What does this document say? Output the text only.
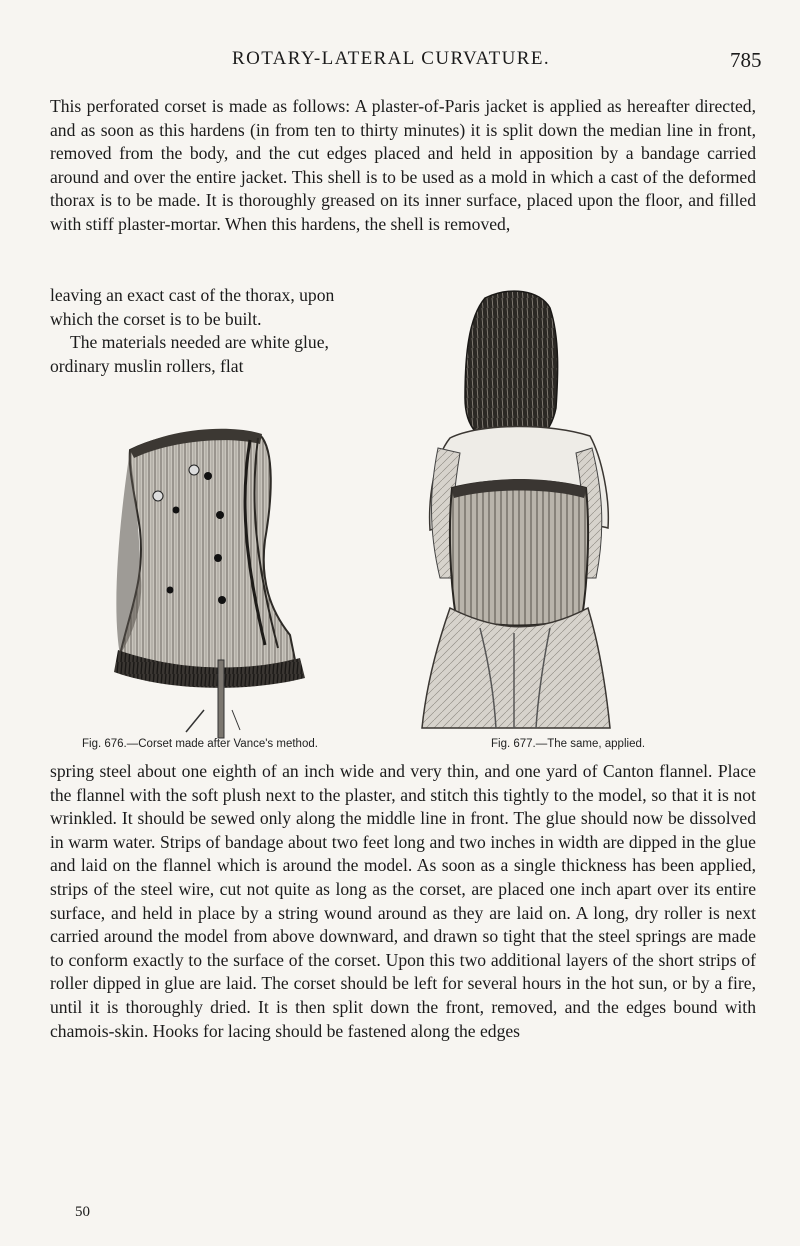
ROTARY-LATERAL CURVATURE.	785

This perforated corset is made as follows: A plaster-of-Paris jacket is applied as hereafter directed, and as soon as this hardens (in from ten to thirty minutes) it is split down the median line in front, removed from the body, and the cut edges placed and held in apposition by a bandage carried around and over the entire jacket. This shell is to be used as a mold in which a cast of the deformed thorax is to be made. It is thoroughly greased on its inner surface, placed upon the floor, and filled with stiff plaster-mortar. When this hardens, the shell is removed,

leaving an exact cast of the thorax, upon which the corset is to be built.

The materials needed are white glue, ordinary muslin rollers, flat

Fig. 676.—Corset made after Vance's method.	Fig. 677.—The same, applied.

spring steel about one eighth of an inch wide and very thin, and one yard of Canton flannel. Place the flannel with the soft plush next to the plaster, and stitch this tightly to the model, so that it is not wrinkled. It should be sewed only along the middle line in front. The glue should now be dissolved in warm water. Strips of bandage about two feet long and two inches in width are dipped in the glue and laid on the flannel which is around the model. As soon as a single thickness has been applied, strips of the steel wire, cut not quite as long as the corset, are placed one inch apart over its entire surface, and held in place by a string wound around as they are laid on. A long, dry roller is next carried around the model from above downward, and drawn so tight that the steel springs are made to conform exactly to the surface of the corset. Upon this two additional layers of the short strips of roller dipped in glue are laid. The corset should be left for several hours in the hot sun, or by a fire, until it is thoroughly dried. It is then split down the front, removed, and the edges bound with chamois-skin. Hooks for lacing should be fastened along the edges

50
